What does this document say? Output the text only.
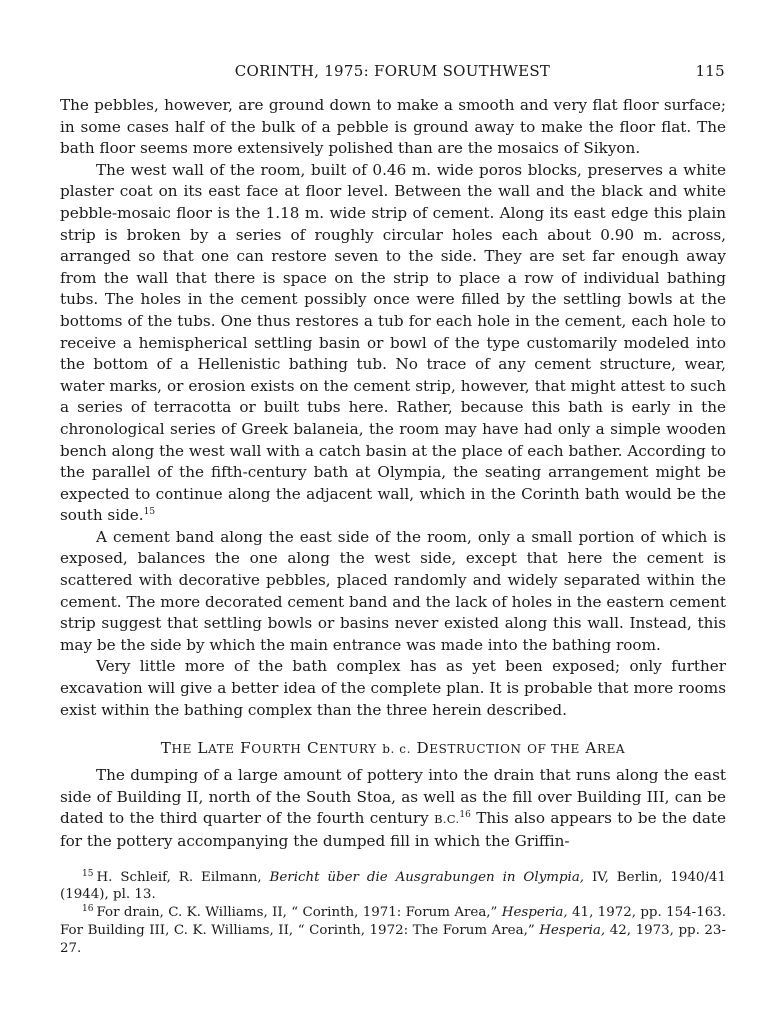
CORINTH, 1975: FORUM SOUTHWEST	115

The pebbles, however, are ground down to make a smooth and very flat floor surface; in some cases half of the bulk of a pebble is ground away to make the floor flat. The bath floor seems more extensively polished than are the mosaics of Sikyon.

The west wall of the room, built of 0.46 m. wide poros blocks, preserves a white plaster coat on its east face at floor level. Between the wall and the black and white pebble-mosaic floor is the 1.18 m. wide strip of cement. Along its east edge this plain strip is broken by a series of roughly circular holes each about 0.90 m. across, arranged so that one can restore seven to the side. They are set far enough away from the wall that there is space on the strip to place a row of individual bathing tubs. The holes in the cement possibly once were filled by the settling bowls at the bottoms of the tubs. One thus restores a tub for each hole in the cement, each hole to receive a hemispherical settling basin or bowl of the type customarily modeled into the bottom of a Hellenistic bathing tub. No trace of any cement structure, wear, water marks, or erosion exists on the cement strip, however, that might attest to such a series of terracotta or built tubs here. Rather, because this bath is early in the chronological series of Greek balaneia, the room may have had only a simple wooden bench along the west wall with a catch basin at the place of each bather. According to the parallel of the fifth-century bath at Olympia, the seating arrangement might be expected to continue along the adjacent wall, which in the Corinth bath would be the south side.$^{15}$

A cement band along the east side of the room, only a small portion of which is exposed, balances the one along the west side, except that here the cement is scattered with decorative pebbles, placed randomly and widely separated within the cement. The more decorated cement band and the lack of holes in the eastern cement strip suggest that settling bowls or basins never existed along this wall. Instead, this may be the side by which the main entrance was made into the bathing room.

Very little more of the bath complex has as yet been exposed; only further excavation will give a better idea of the complete plan. It is probable that more rooms exist within the bathing complex than the three herein described.

THE LATE FOURTH CENTURY b. c. DESTRUCTION OF THE AREA

The dumping of a large amount of pottery into the drain that runs along the east side of Building II, north of the South Stoa, as well as the fill over Building III, can be dated to the third quarter of the fourth century B.C.$^{16}$ This also appears to be the date for the pottery accompanying the dumped fill in which the Griffin-

$^{15}$ H. Schleif, R. Eilmann, Bericht über die Ausgrabungen in Olympia, IV, Berlin, 1940/41 (1944), pl. 13.

$^{16}$ For drain, C. K. Williams, II, “ Corinth, 1971: Forum Area,” Hesperia, 41, 1972, pp. 154-163. For Building III, C. K. Williams, II, “ Corinth, 1972: The Forum Area,” Hesperia, 42, 1973, pp. 23-27.
